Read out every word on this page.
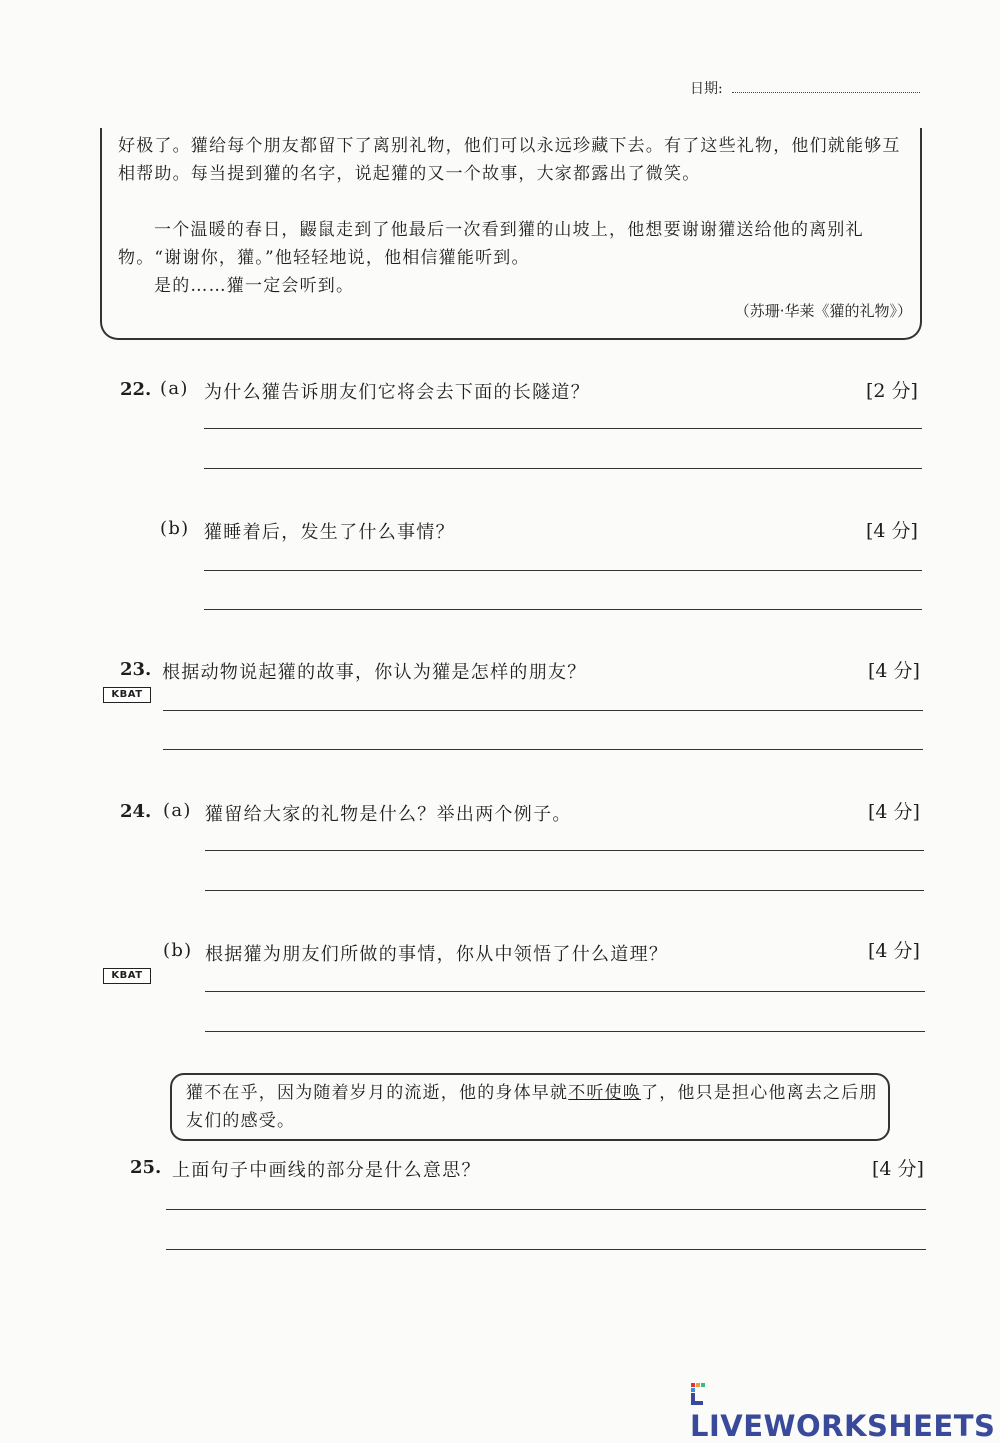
日期:

好极了。獾给每个朋友都留下了离别礼物，他们可以永远珍藏下去。有了这些礼物，他们就能够互相帮助。每当提到獾的名字，说起獾的又一个故事，大家都露出了微笑。

一个温暖的春日，鼹鼠走到了他最后一次看到獾的山坡上，他想要谢谢獾送给他的离别礼物。“谢谢你，獾。”他轻轻地说，他相信獾能听到。

是的……獾一定会听到。

（苏珊·华莱《獾的礼物》）
22. (a) 为什么獾告诉朋友们它将会去下面的长隧道？	[2 分]
(b) 獾睡着后，发生了什么事情？	[4 分]
23. 根据动物说起獾的故事，你认为獾是怎样的朋友？	[4 分]
KBAT
24. (a) 獾留给大家的礼物是什么？举出两个例子。	[4 分]
(b) 根据獾为朋友们所做的事情，你从中领悟了什么道理？	[4 分]
KBAT

獾不在乎，因为随着岁月的流逝，他的身体早就不听使唤了，他只是担心他离去之后朋友们的感受。

25. 上面句子中画线的部分是什么意思？	[4 分]
LIVEWORKSHEETS
